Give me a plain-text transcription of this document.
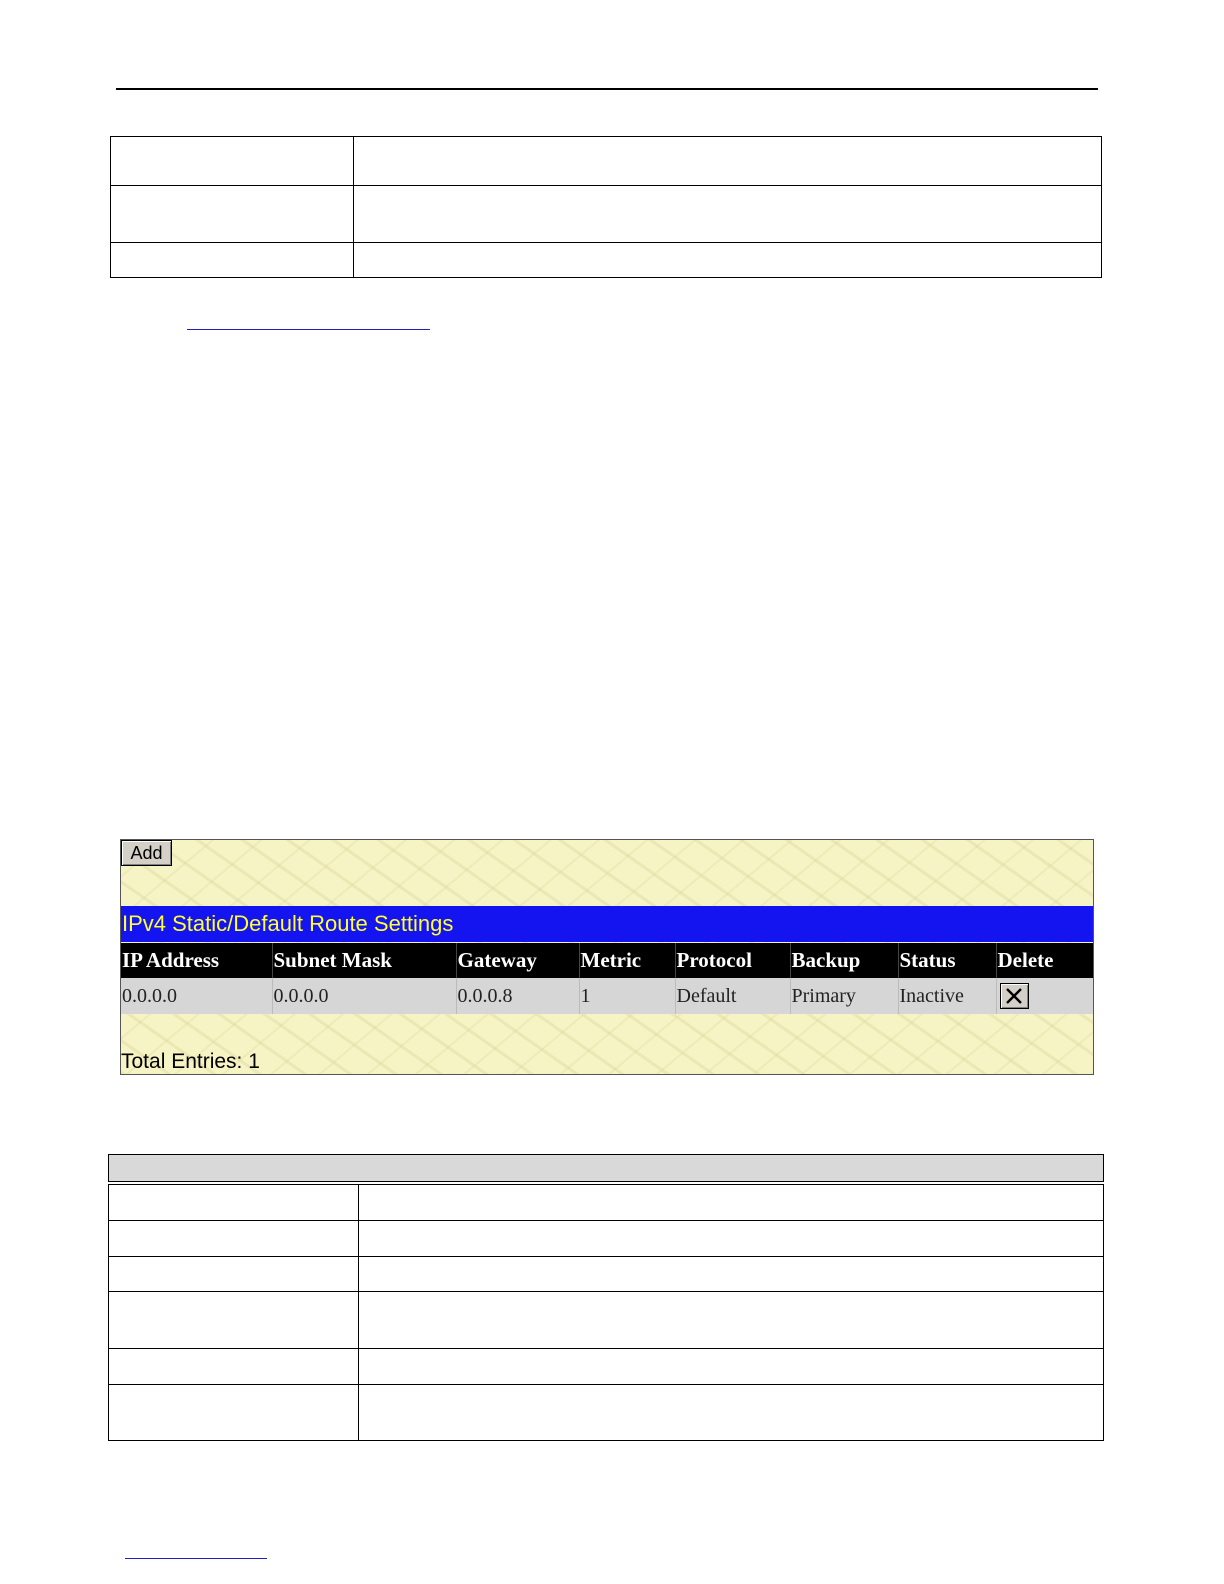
Add
IPv4 Static/Default Route Settings
IP Address	Subnet Mask	Gateway	Metric	Protocol	Backup	Status	Delete
0.0.0.0	0.0.0.0	0.0.0.8	1	Default	Primary	Inactive	
Total Entries: 1
